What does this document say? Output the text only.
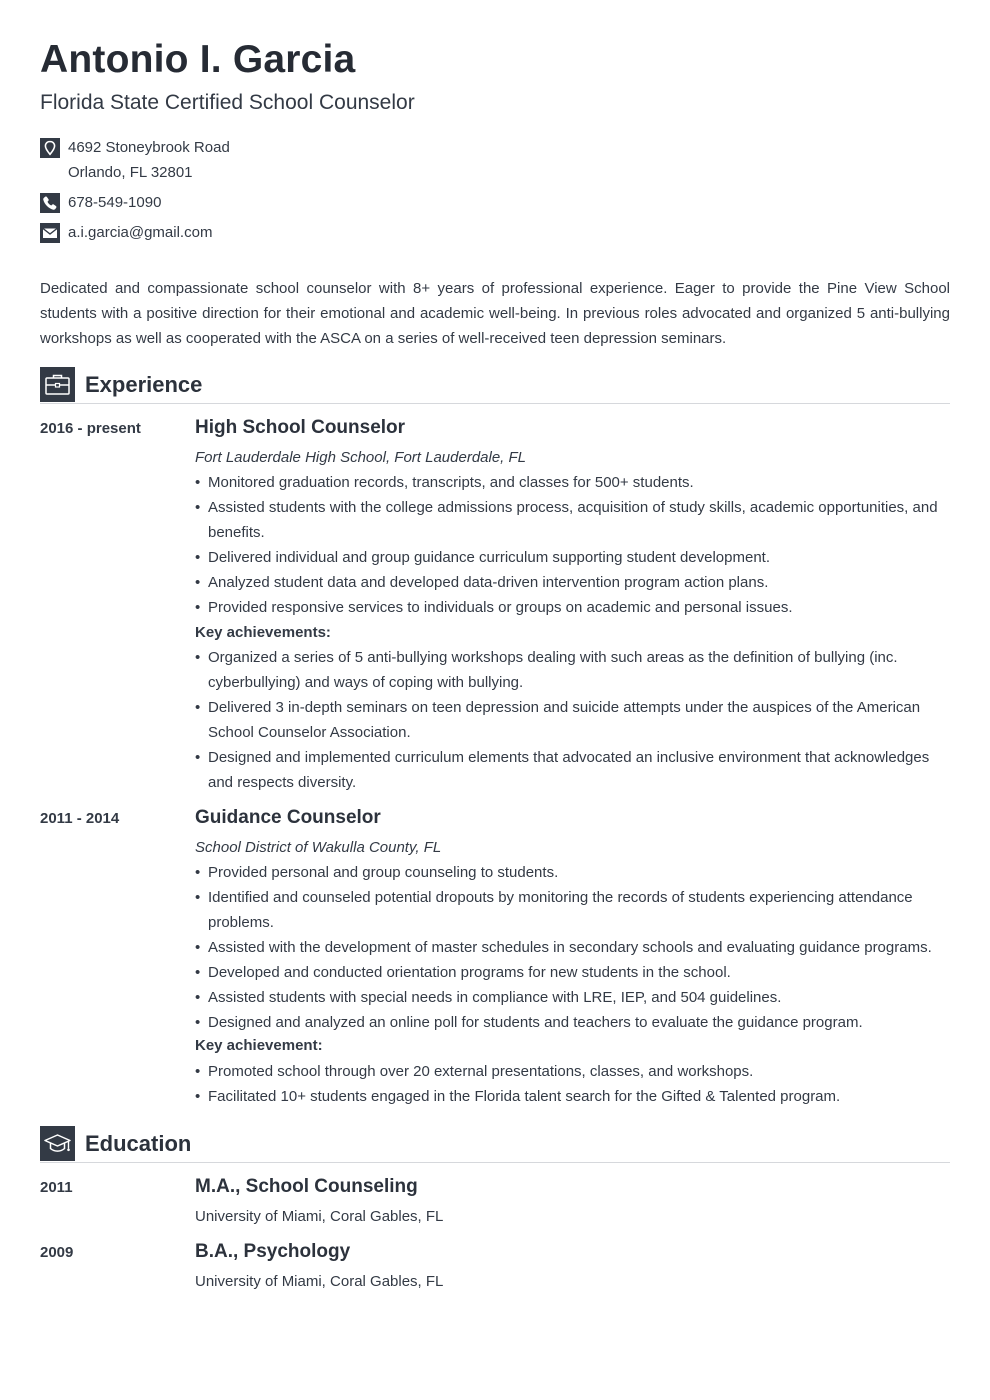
Antonio I. Garcia
Florida State Certified School Counselor
4692 Stoneybrook Road
Orlando, FL 32801
678-549-1090
a.i.garcia@gmail.com
Dedicated and compassionate school counselor with 8+ years of professional experience. Eager to provide the Pine View School students with a positive direction for their emotional and academic well-being. In previous roles advocated and organized 5 anti-bullying workshops as well as cooperated with the ASCA on a series of well-received teen depression seminars.
Experience
2016 - present	High School Counselor
Fort Lauderdale High School, Fort Lauderdale, FL
• Monitored graduation records, transcripts, and classes for 500+ students.
• Assisted students with the college admissions process, acquisition of study skills, academic opportunities, and benefits.
• Delivered individual and group guidance curriculum supporting student development.
• Analyzed student data and developed data-driven intervention program action plans.
• Provided responsive services to individuals or groups on academic and personal issues.
Key achievements:
• Organized a series of 5 anti-bullying workshops dealing with such areas as the definition of bullying (inc. cyberbullying) and ways of coping with bullying.
• Delivered 3 in-depth seminars on teen depression and suicide attempts under the auspices of the American School Counselor Association.
• Designed and implemented curriculum elements that advocated an inclusive environment that acknowledges and respects diversity.
2011 - 2014	Guidance Counselor
School District of Wakulla County, FL
• Provided personal and group counseling to students.
• Identified and counseled potential dropouts by monitoring the records of students experiencing attendance problems.
• Assisted with the development of master schedules in secondary schools and evaluating guidance programs.
• Developed and conducted orientation programs for new students in the school.
• Assisted students with special needs in compliance with LRE, IEP, and 504 guidelines.
• Designed and analyzed an online poll for students and teachers to evaluate the guidance program.
Key achievement:
• Promoted school through over 20 external presentations, classes, and workshops.
• Facilitated 10+ students engaged in the Florida talent search for the Gifted & Talented program.
Education
2011	M.A., School Counseling
University of Miami, Coral Gables, FL
2009	B.A., Psychology
University of Miami, Coral Gables, FL
